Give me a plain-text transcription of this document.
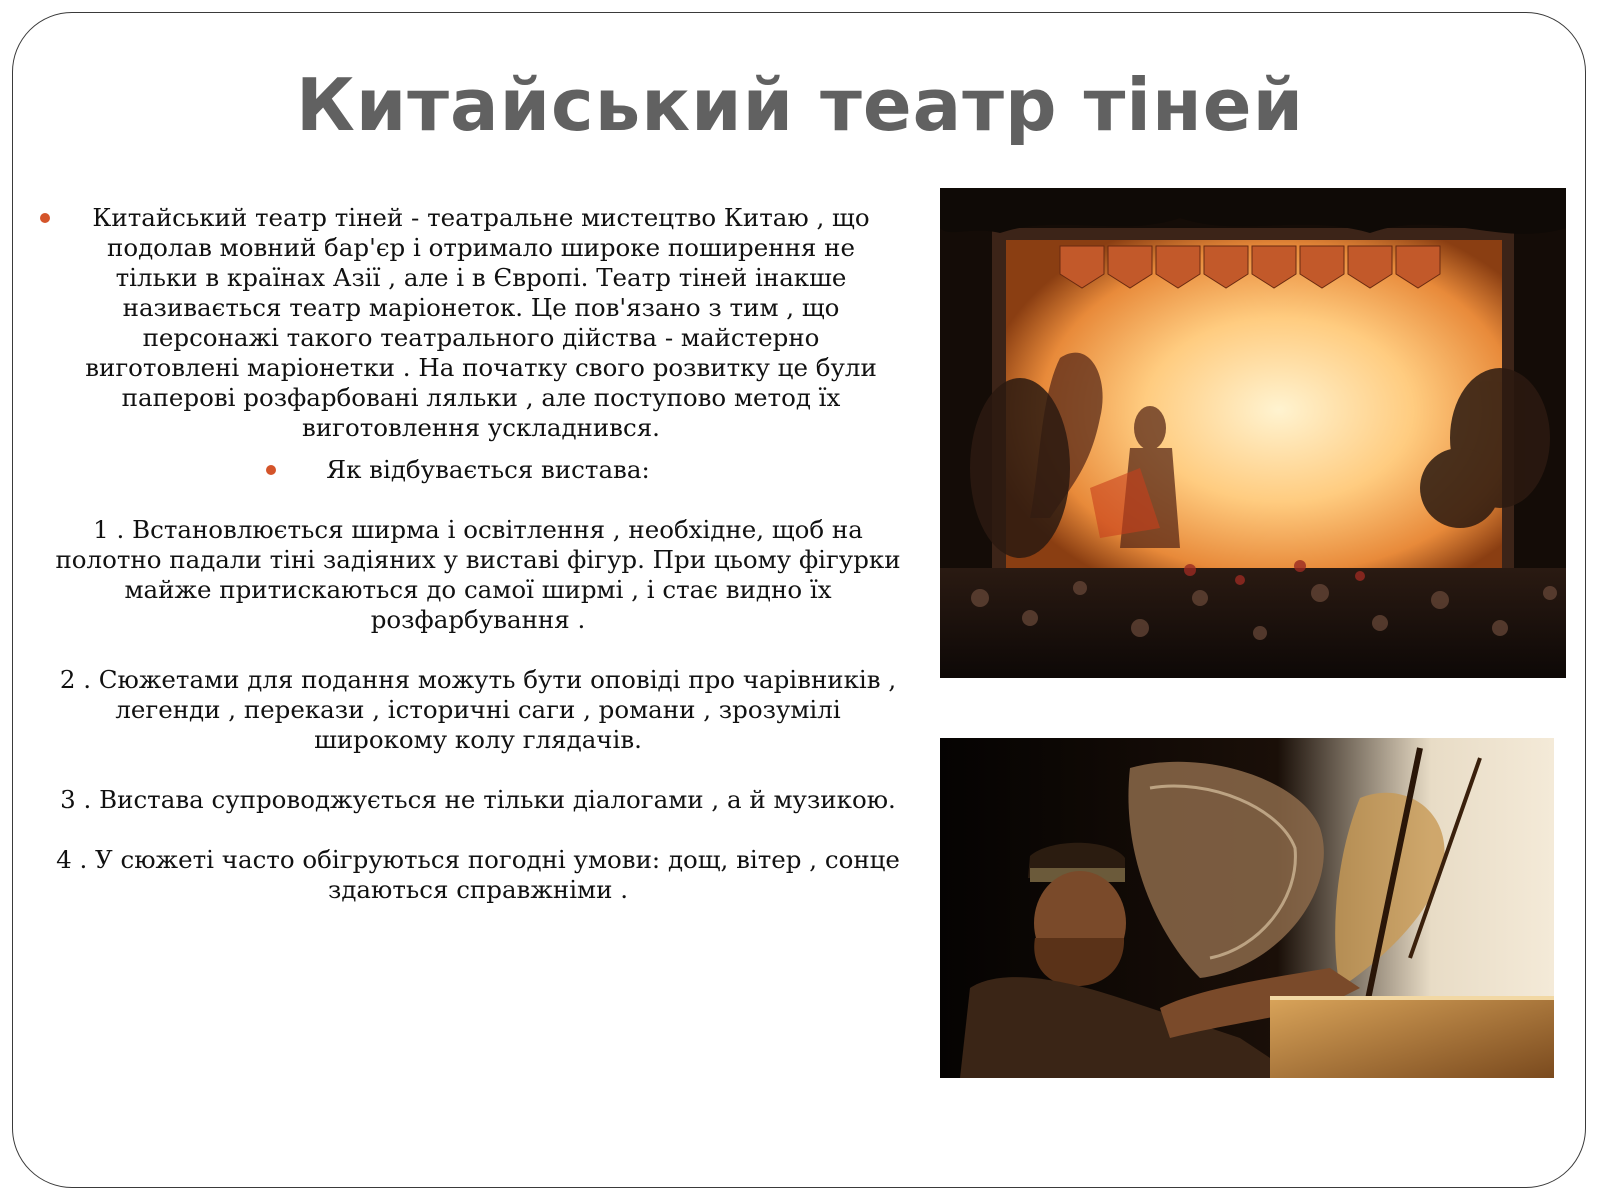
Китайський театр тіней

Китайський театр тіней - театральне мистецтво Китаю , що подолав мовний бар'єр і отримало широке поширення не тільки в країнах Азії , але і в Європі. Театр тіней інакше називається театр маріонеток. Це пов'язано з тим , що персонажі такого театрального дійства - майстерно виготовлені маріонетки . На початку свого розвитку це були паперові розфарбовані ляльки , але поступово метод їх виготовлення ускладнився.

Як відбувається вистава:

1 . Встановлюється ширма і освітлення , необхідне, щоб на полотно падали тіні задіяних у виставі фігур. При цьому фігурки майже притискаються до самої ширмі , і стає видно їх розфарбування .

2 . Сюжетами для подання можуть бути оповіді про чарівників , легенди , перекази , історичні саги , романи , зрозумілі широкому колу глядачів.

3 . Вистава супроводжується не тільки діалогами , а й музикою.

4 . У сюжеті часто обігруються погодні умови: дощ, вітер , сонце здаються справжніми .
